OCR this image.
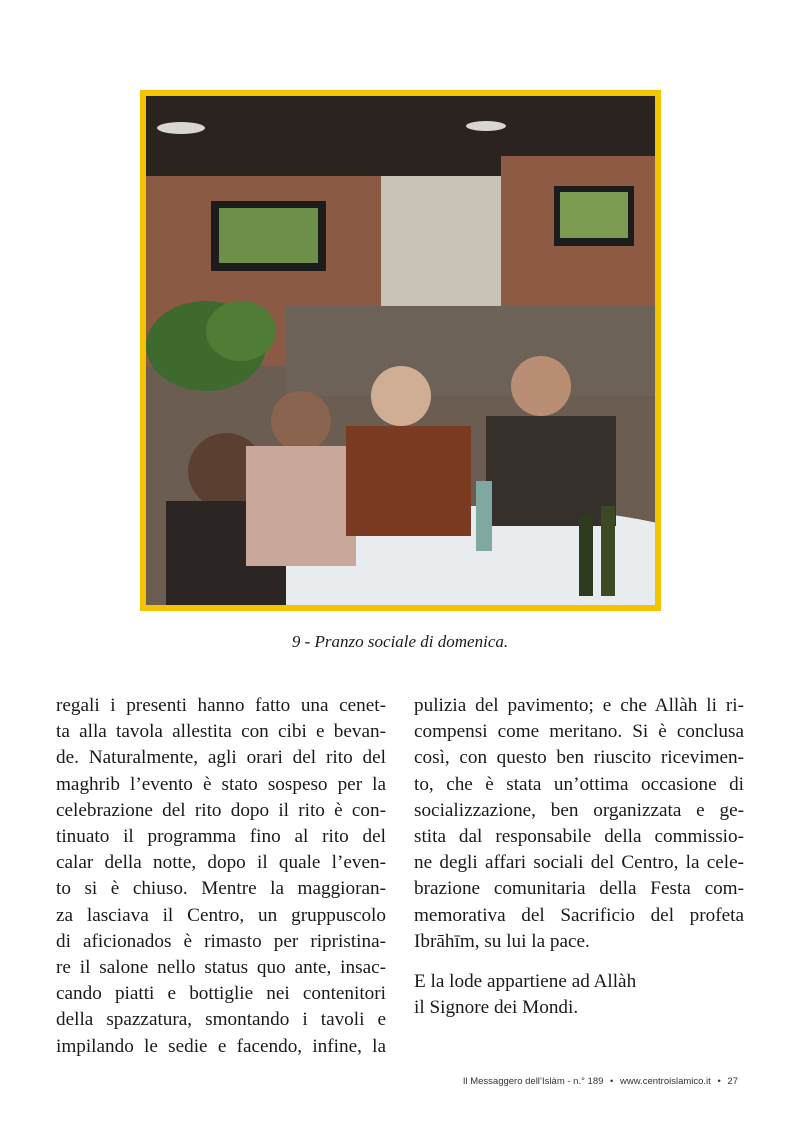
9 - Pranzo sociale di domenica.
regali i presenti hanno fatto una cenet-
ta alla tavola allestita con cibi e bevan-
de. Naturalmente, agli orari del rito del
maghrib l’evento è stato sospeso per la
celebrazione del rito dopo il rito è con-
tinuato il programma fino al rito del
calar della notte, dopo il quale l’even-
to si è chiuso. Mentre la maggioran-
za lasciava il Centro, un gruppuscolo
di aficionados è rimasto per ripristina-
re il salone nello status quo ante, insac-
cando piatti e bottiglie nei contenitori
della spazzatura, smontando i tavoli e
impilando le sedie e facendo, infine, la
pulizia del pavimento; e che Allàh li ri-
compensi come meritano. Si è conclusa
così, con questo ben riuscito ricevimen-
to, che è stata un’ottima occasione di
socializzazione, ben organizzata e ge-
stita dal responsabile della commissio-
ne degli affari sociali del Centro, la cele-
brazione comunitaria della Festa com-
memorativa del Sacrificio del profeta
Ibrāhīm, su lui la pace.
E la lode appartiene ad Allàh
il Signore dei Mondi.
Il Messaggero dell’Islàm - n.° 189 • www.centroislamico.it • 27
